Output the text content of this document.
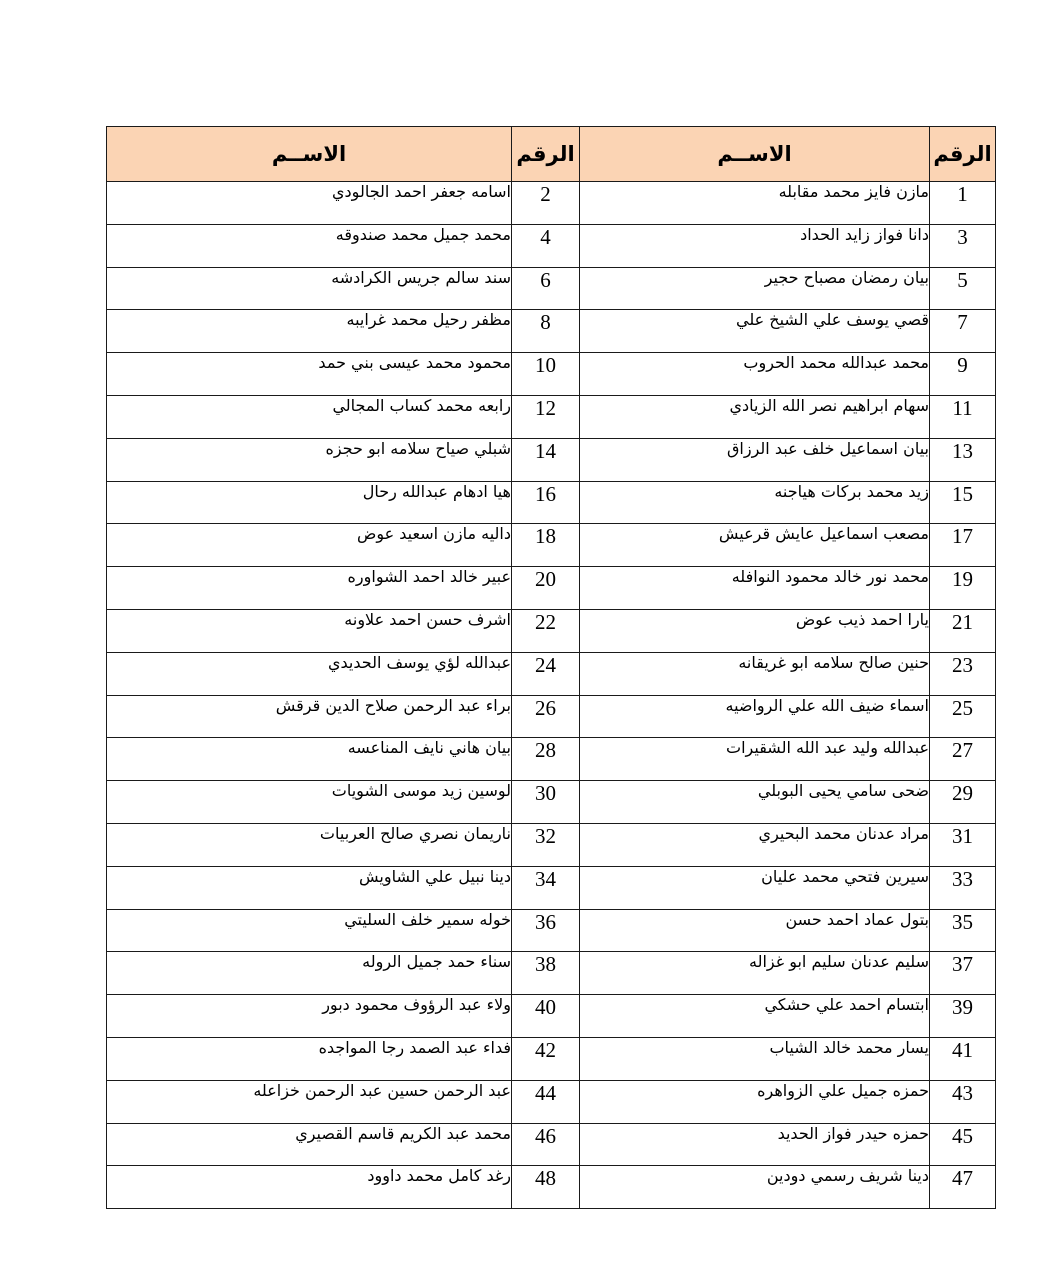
الرقم	الاســم	الرقم	الاســم
1	مازن فايز محمد مقابله	2	اسامه جعفر احمد الجالودي
3	دانا فواز زايد الحداد	4	محمد جميل محمد صندوقه
5	بيان رمضان مصباح حجير	6	سند سالم جريس الكرادشه
7	قصي يوسف علي الشيخ علي	8	مظفر رحيل محمد غرايبه
9	محمد عبدالله محمد الحروب	10	محمود محمد عيسى بني حمد
11	سهام ابراهيم نصر الله الزيادي	12	رابعه محمد كساب المجالي
13	بيان اسماعيل خلف عبد الرزاق	14	شبلي صياح سلامه ابو حجزه
15	زيد محمد بركات هياجنه	16	هيا ادهام عبدالله رحال
17	مصعب اسماعيل عايش قرعيش	18	داليه مازن اسعيد عوض
19	محمد نور خالد محمود النوافله	20	عبير خالد احمد الشواوره
21	يارا احمد ذيب عوض	22	اشرف حسن احمد علاونه
23	حنين صالح سلامه ابو غريقانه	24	عبدالله لؤي يوسف الحديدي
25	اسماء ضيف الله علي الرواضيه	26	براء عبد الرحمن صلاح الدين قرقش
27	عبدالله وليد عبد الله الشقيرات	28	بيان هاني نايف المناعسه
29	ضحى سامي يحيى البوبلي	30	لوسين زيد موسى الشويات
31	مراد عدنان محمد البحيري	32	ناريمان نصري صالح العربيات
33	سيرين فتحي محمد عليان	34	دينا نبيل علي الشاويش
35	بتول عماد احمد حسن	36	خوله سمير خلف السليتي
37	سليم عدنان سليم ابو غزاله	38	سناء حمد جميل الروله
39	ابتسام احمد علي حشكي	40	ولاء عبد الرؤوف محمود دبور
41	يسار محمد خالد الشياب	42	فداء عبد الصمد رجا المواجده
43	حمزه جميل علي الزواهره	44	عبد الرحمن حسين عبد الرحمن خزاعله
45	حمزه حيدر فواز الحديد	46	محمد عبد الكريم قاسم القصيري
47	دينا شريف رسمي دودين	48	رغد كامل محمد داوود
